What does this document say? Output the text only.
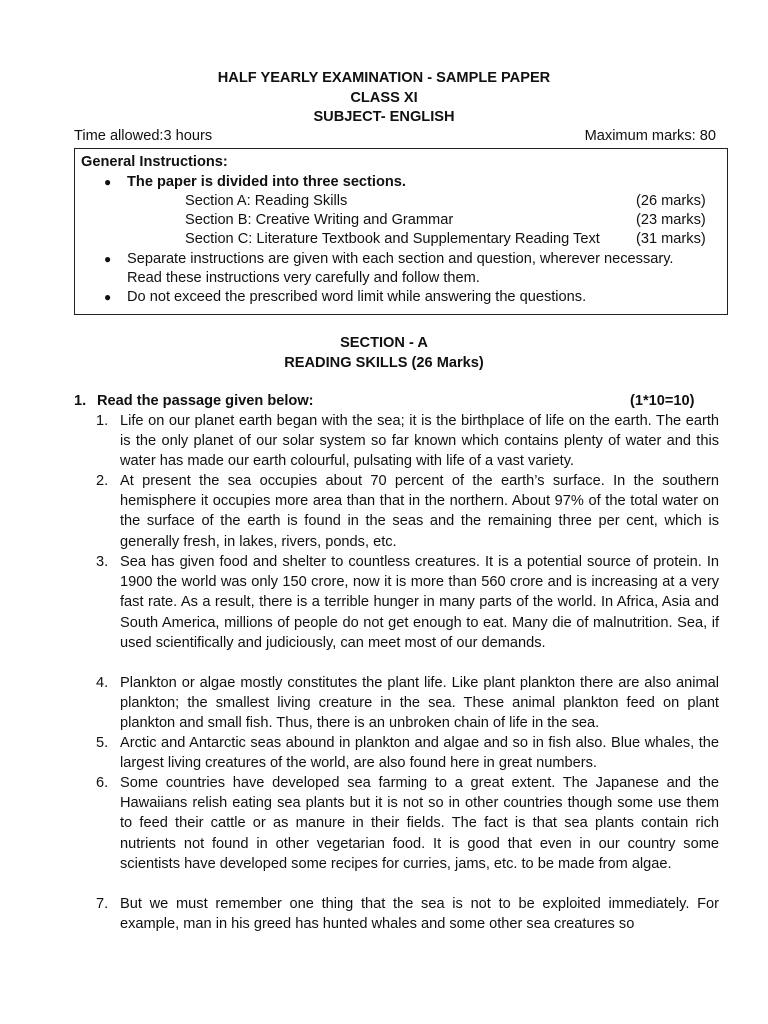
HALF YEARLY EXAMINATION - SAMPLE PAPER
CLASS XI
SUBJECT- ENGLISH
Time allowed:3 hours	Maximum marks: 80
General Instructions:
● The paper is divided into three sections.
Section A: Reading Skills	(26 marks)
Section B: Creative Writing and Grammar	(23 marks)
Section C: Literature Textbook and Supplementary Reading Text (31 marks)
● Separate instructions are given with each section and question, wherever necessary.
Read these instructions very carefully and follow them.
● Do not exceed the prescribed word limit while answering the questions.
SECTION - A
READING SKILLS (26 Marks)
1. Read the passage given below:	(1*10=10)
1. Life on our planet earth began with the sea; it is the birthplace of life on the earth. The earth is the only planet of our solar system so far known which contains plenty of water and this water has made our earth colourful, pulsating with life of a vast variety.
2. At present the sea occupies about 70 percent of the earth’s surface. In the southern hemisphere it occupies more area than that in the northern. About 97% of the total water on the surface of the earth is found in the seas and the remaining three per cent, which is generally fresh, in lakes, rivers, ponds, etc.
3. Sea has given food and shelter to countless creatures. It is a potential source of protein. In 1900 the world was only 150 crore, now it is more than 560 crore and is increasing at a very fast rate. As a result, there is a terrible hunger in many parts of the world. In Africa, Asia and South America, millions of people do not get enough to eat. Many die of malnutrition. Sea, if used scientifically and judiciously, can meet most of our demands.
4. Plankton or algae mostly constitutes the plant life. Like plant plankton there are also animal plankton; the smallest living creature in the sea. These animal plankton feed on plant plankton and small fish. Thus, there is an unbroken chain of life in the sea.
5. Arctic and Antarctic seas abound in plankton and algae and so in fish also. Blue whales, the largest living creatures of the world, are also found here in great numbers.
6. Some countries have developed sea farming to a great extent. The Japanese and the Hawaiians relish eating sea plants but it is not so in other countries though some use them to feed their cattle or as manure in their fields. The fact is that sea plants contain rich nutrients not found in other vegetarian food. It is good that even in our country some scientists have developed some recipes for curries, jams, etc. to be made from algae.
7. But we must remember one thing that the sea is not to be exploited immediately. For example, man in his greed has hunted whales and some other sea creatures so
